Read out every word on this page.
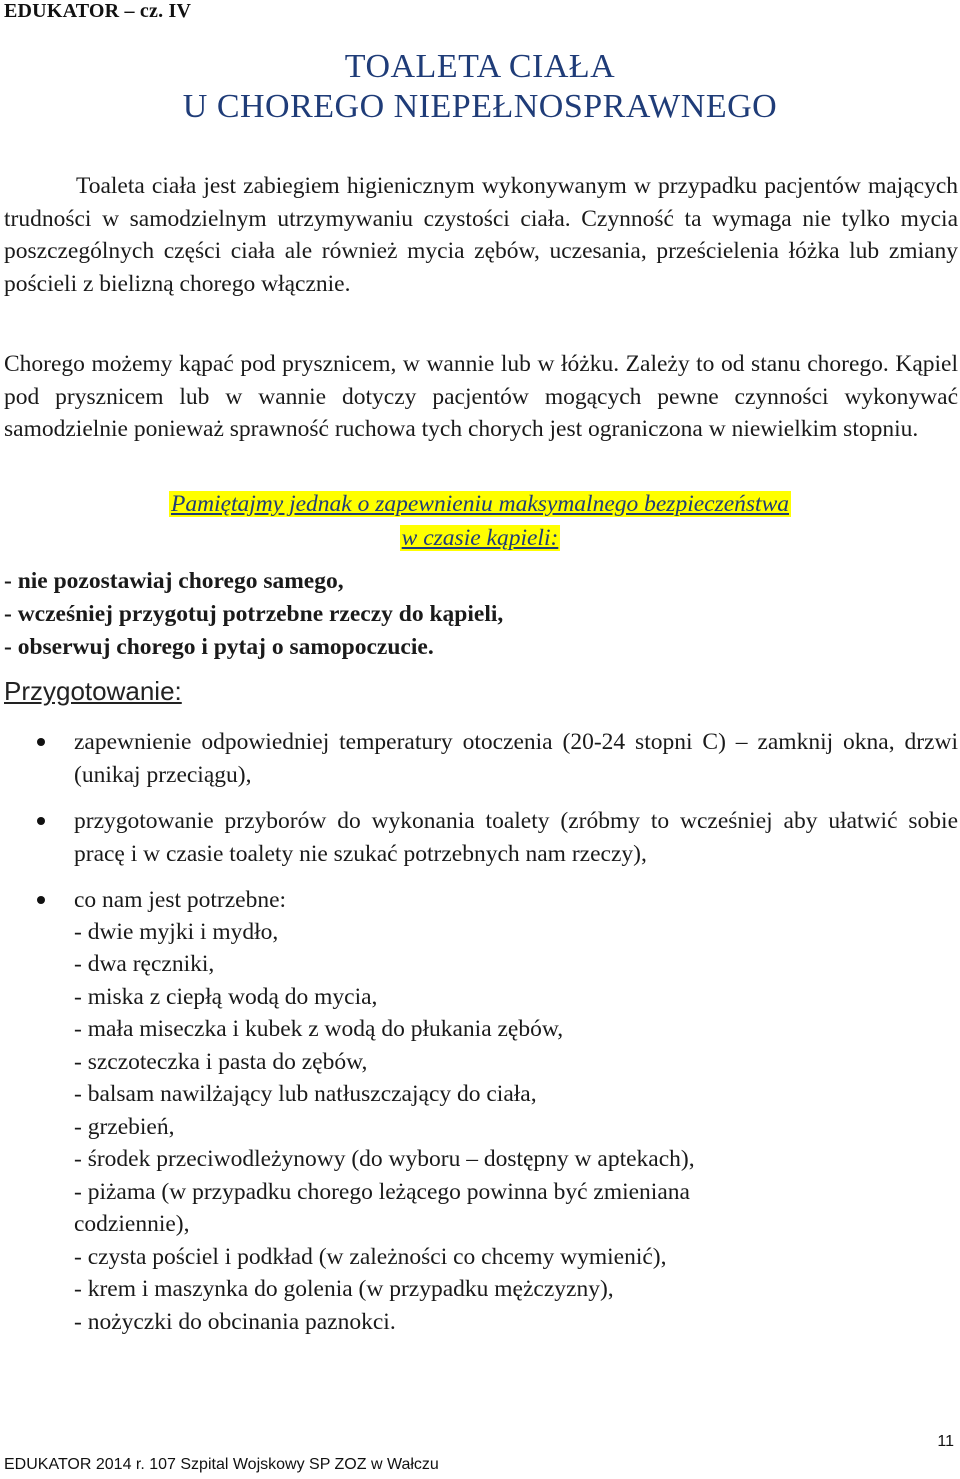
EDUKATOR – cz. IV
TOALETA CIAŁA
U CHOREGO NIEPEŁNOSPRAWNEGO

Toaleta ciała jest zabiegiem higienicznym wykonywanym w przypadku pacjentów mających trudności w samodzielnym utrzymywaniu czystości ciała. Czynność ta wymaga nie tylko mycia poszczególnych części ciała ale również mycia zębów, uczesania, prześcielenia łóżka lub zmiany pościeli z bielizną chorego włącznie.

Chorego możemy kąpać pod prysznicem, w wannie lub w łóżku. Zależy to od stanu chorego. Kąpiel pod prysznicem lub w wannie dotyczy pacjentów mogących pewne czynności wykonywać samodzielnie ponieważ sprawność ruchowa tych chorych jest ograniczona w niewielkim stopniu.

Pamiętajmy jednak o zapewnieniu maksymalnego bezpieczeństwa
w czasie kąpieli:
- nie pozostawiaj chorego samego,
- wcześniej przygotuj potrzebne rzeczy do kąpieli,
- obserwuj chorego i pytaj o samopoczucie.
Przygotowanie:

zapewnienie odpowiedniej temperatury otoczenia (20-24 stopni C) – zamknij okna, drzwi (unikaj przeciągu),

przygotowanie przyborów do wykonania toalety (zróbmy to wcześniej aby ułatwić sobie pracę i w czasie toalety nie szukać potrzebnych nam rzeczy),

co nam jest potrzebne:

- dwie myjki i mydło,
- dwa ręczniki,
- miska z ciepłą wodą do mycia,
- mała miseczka i kubek z wodą do płukania zębów,
- szczoteczka i pasta do zębów,
- balsam nawilżający lub natłuszczający do ciała,
- grzebień,
- środek przeciwodleżynowy (do wyboru – dostępny w aptekach),
- piżama (w przypadku chorego leżącego powinna być zmieniana
codziennie),
- czysta pościel i podkład (w zależności co chcemy wymienić),
- krem i maszynka do golenia (w przypadku mężczyzny),
- nożyczki do obcinania paznokci.
11
EDUKATOR 2014 r. 107 Szpital Wojskowy SP ZOZ w Wałczu
